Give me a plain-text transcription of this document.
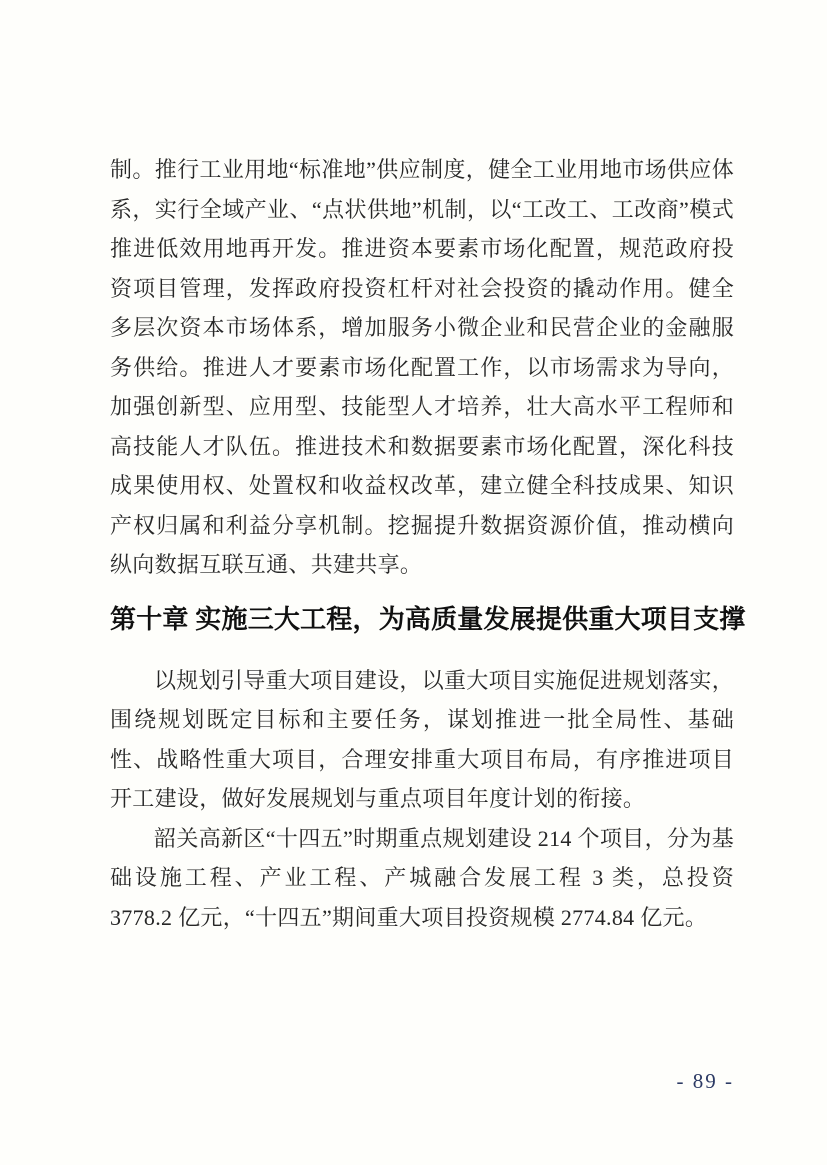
制。推行工业用地“标准地”供应制度，健全工业用地市场供应体系，实行全域产业、“点状供地”机制，以“工改工、工改商”模式推进低效用地再开发。推进资本要素市场化配置，规范政府投资项目管理，发挥政府投资杠杆对社会投资的撬动作用。健全多层次资本市场体系，增加服务小微企业和民营企业的金融服务供给。推进人才要素市场化配置工作，以市场需求为导向，加强创新型、应用型、技能型人才培养，壮大高水平工程师和高技能人才队伍。推进技术和数据要素市场化配置，深化科技成果使用权、处置权和收益权改革，建立健全科技成果、知识产权归属和利益分享机制。挖掘提升数据资源价值，推动横向纵向数据互联互通、共建共享。

第十章 实施三大工程，为高质量发展提供重大项目支撑

以规划引导重大项目建设，以重大项目实施促进规划落实，围绕规划既定目标和主要任务，谋划推进一批全局性、基础性、战略性重大项目，合理安排重大项目布局，有序推进项目开工建设，做好发展规划与重点项目年度计划的衔接。

韶关高新区“十四五”时期重点规划建设 214 个项目，分为基础设施工程、产业工程、产城融合发展工程 3 类，总投资 3778.2 亿元，“十四五”期间重大项目投资规模 2774.84 亿元。

- 89 -
